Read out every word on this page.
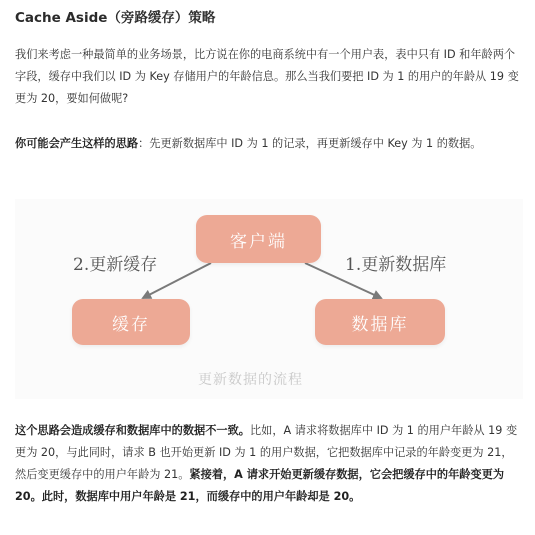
Cache Aside（旁路缓存）策略
我们来考虑一种最简单的业务场景，比方说在你的电商系统中有一个用户表，表中只有 ID 和年龄两个字段，缓存中我们以 ID 为 Key 存储用户的年龄信息。那么当我们要把 ID 为 1 的用户的年龄从 19 变更为 20，要如何做呢?
你可能会产生这样的思路：先更新数据库中 ID 为 1 的记录，再更新缓存中 Key 为 1 的数据。
客户端
缓存	数据库
2.更新缓存	1.更新数据库
更新数据的流程
这个思路会造成缓存和数据库中的数据不一致。比如，A 请求将数据库中 ID 为 1 的用户年龄从 19 变更为 20，与此同时，请求 B 也开始更新 ID 为 1 的用户数据，它把数据库中记录的年龄变更为 21，然后变更缓存中的用户年龄为 21。紧接着，A 请求开始更新缓存数据，它会把缓存中的年龄变更为 20。此时，数据库中用户年龄是 21，而缓存中的用户年龄却是 20。
